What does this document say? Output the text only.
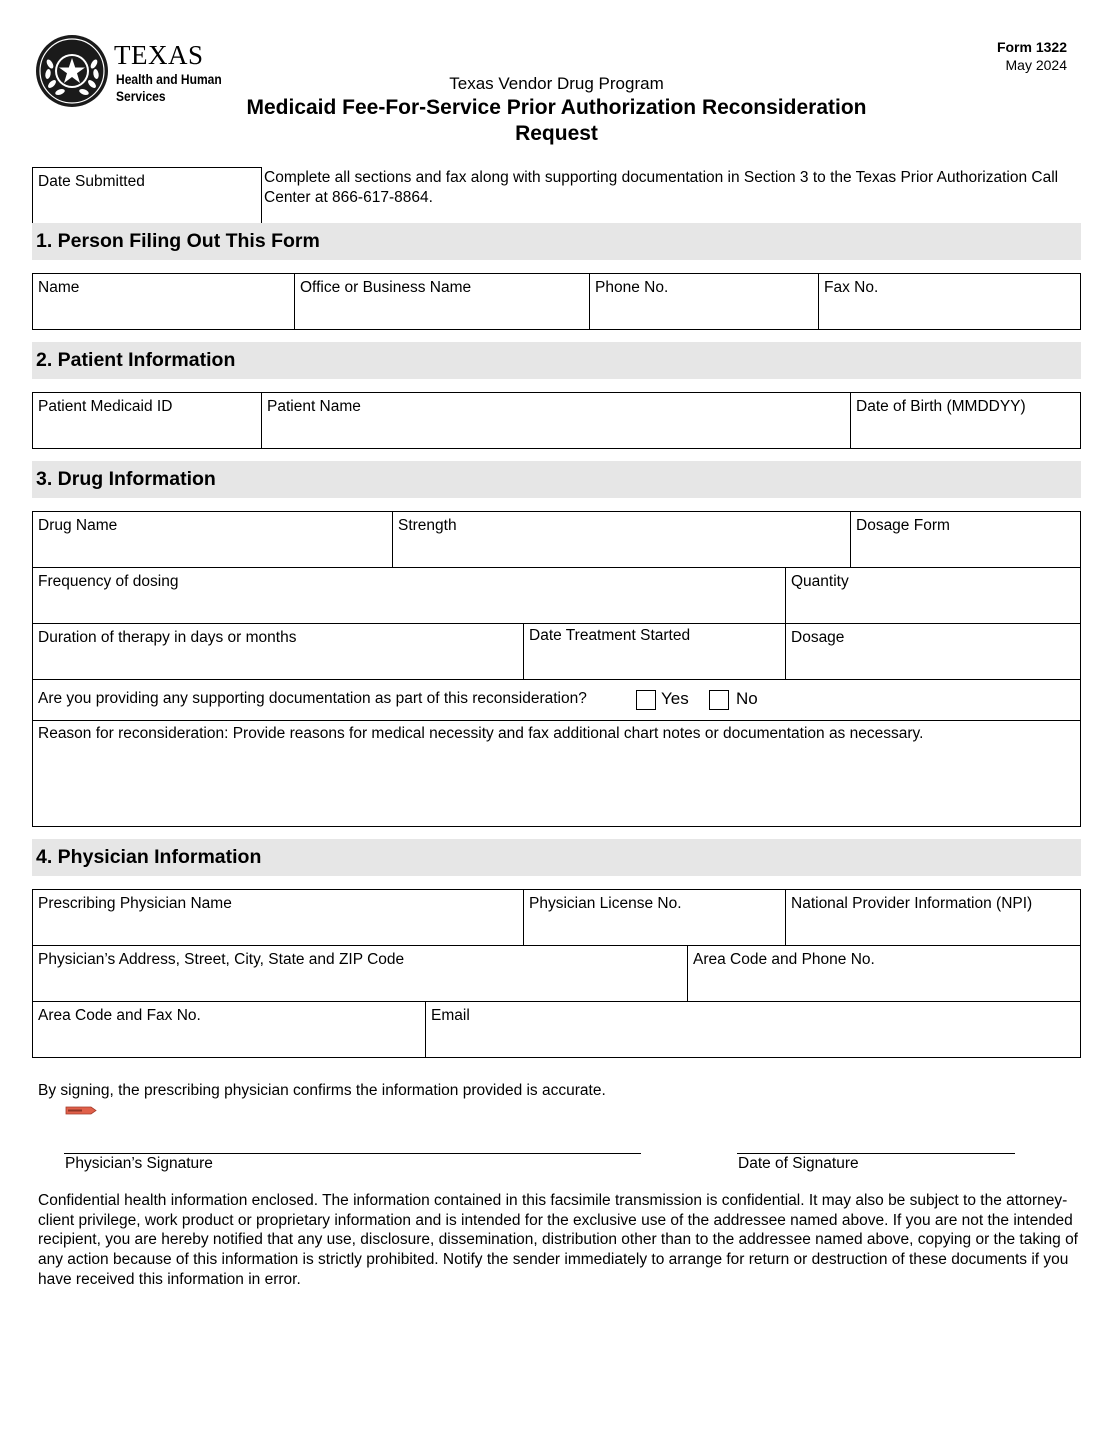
TEXAS
Health and Human
Services
Form 1322
May 2024
Texas Vendor Drug Program
Medicaid Fee-For-Service Prior Authorization Reconsideration
Request
Date Submitted	Complete all sections and fax along with supporting documentation in Section 3 to the Texas Prior Authorization Call Center at 866-617-8864.
1. Person Filing Out This Form
Name	Office or Business Name	Phone No.	Fax No.
2. Patient Information
Patient Medicaid ID	Patient Name	Date of Birth (MMDDYY)
3. Drug Information
Drug Name	Strength	Dosage Form
Frequency of dosing	Quantity
Duration of therapy in days or months	Date Treatment Started	Dosage
Are you providing any supporting documentation as part of this reconsideration?	Yes	No
Reason for reconsideration: Provide reasons for medical necessity and fax additional chart notes or documentation as necessary.
4. Physician Information
Prescribing Physician Name	Physician License No.	National Provider Information (NPI)
Physician’s Address, Street, City, State and ZIP Code	Area Code and Phone No.
Area Code and Fax No.	Email
By signing, the prescribing physician confirms the information provided is accurate.
Physician’s Signature	Date of Signature
Confidential health information enclosed. The information contained in this facsimile transmission is confidential. It may also be subject to the attorney-client privilege, work product or proprietary information and is intended for the exclusive use of the addressee named above. If you are not the intended recipient, you are hereby notified that any use, disclosure, dissemination, distribution other than to the addressee named above, copying or the taking of any action because of this information is strictly prohibited. Notify the sender immediately to arrange for return or destruction of these documents if you have received this information in error.
